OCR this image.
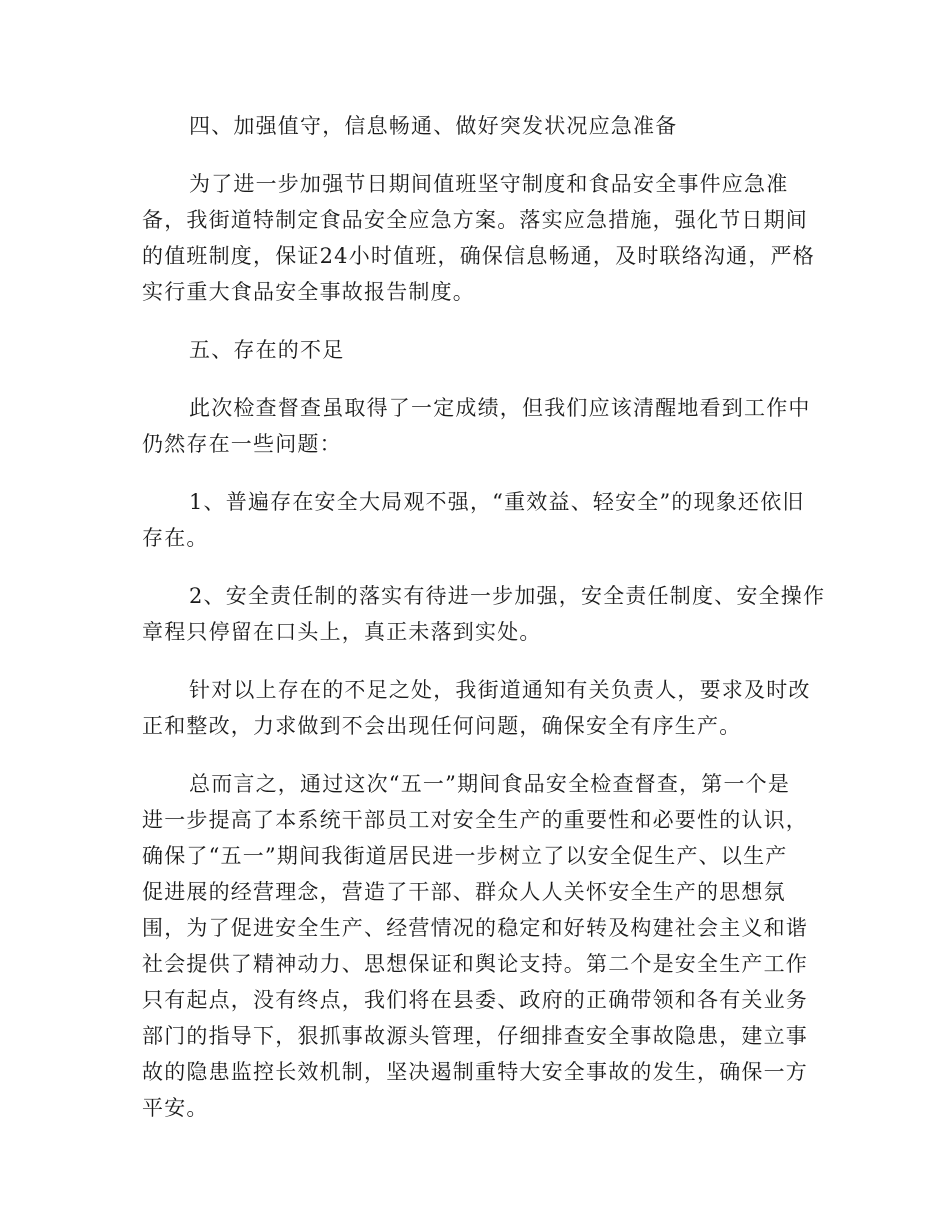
四、加强值守，信息畅通、做好突发状况应急准备
为了进一步加强节日期间值班坚守制度和食品安全事件应急准
备，我街道特制定食品安全应急方案。落实应急措施，强化节日期间
的值班制度，保证24小时值班，确保信息畅通，及时联络沟通，严格
实行重大食品安全事故报告制度。
五、存在的不足
此次检查督查虽取得了一定成绩，但我们应该清醒地看到工作中
仍然存在一些问题：
1、普遍存在安全大局观不强，“重效益、轻安全”的现象还依旧
存在。
2、安全责任制的落实有待进一步加强，安全责任制度、安全操作
章程只停留在口头上，真正未落到实处。
针对以上存在的不足之处，我街道通知有关负责人，要求及时改
正和整改，力求做到不会出现任何问题，确保安全有序生产。
总而言之，通过这次“五一”期间食品安全检查督查，第一个是
进一步提高了本系统干部员工对安全生产的重要性和必要性的认识，
确保了“五一”期间我街道居民进一步树立了以安全促生产、以生产
促进展的经营理念，营造了干部、群众人人关怀安全生产的思想氛
围，为了促进安全生产、经营情况的稳定和好转及构建社会主义和谐
社会提供了精神动力、思想保证和舆论支持。第二个是安全生产工作
只有起点，没有终点，我们将在县委、政府的正确带领和各有关业务
部门的指导下，狠抓事故源头管理，仔细排查安全事故隐患，建立事
故的隐患监控长效机制，坚决遏制重特大安全事故的发生，确保一方
平安。
